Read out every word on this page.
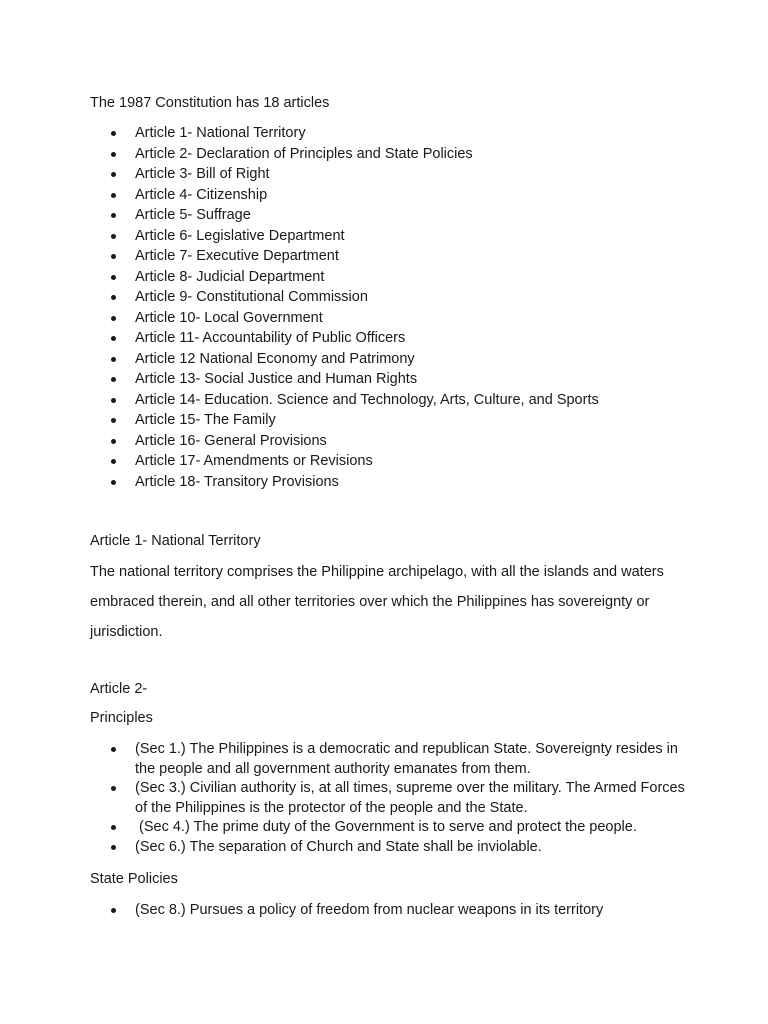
The 1987 Constitution has 18 articles

Article 1- National Territory
Article 2- Declaration of Principles and State Policies
Article 3- Bill of Right
Article 4- Citizenship
Article 5- Suffrage
Article 6- Legislative Department
Article 7- Executive Department
Article 8- Judicial Department
Article 9- Constitutional Commission
Article 10- Local Government
Article 11- Accountability of Public Officers
Article 12 National Economy and Patrimony
Article 13- Social Justice and Human Rights
Article 14- Education. Science and Technology, Arts, Culture, and Sports
Article 15- The Family
Article 16- General Provisions
Article 17- Amendments or Revisions
Article 18- Transitory Provisions

Article 1- National Territory

The national territory comprises the Philippine archipelago, with all the islands and waters embraced therein, and all other territories over which the Philippines has sovereignty or jurisdiction.

Article 2-

Principles

(Sec 1.) The Philippines is a democratic and republican State. Sovereignty resides in the people and all government authority emanates from them.
(Sec 3.) Civilian authority is, at all times, supreme over the military. The Armed Forces of the Philippines is the protector of the people and the State.
(Sec 4.) The prime duty of the Government is to serve and protect the people.
(Sec 6.) The separation of Church and State shall be inviolable.

State Policies

(Sec 8.) Pursues a policy of freedom from nuclear weapons in its territory
